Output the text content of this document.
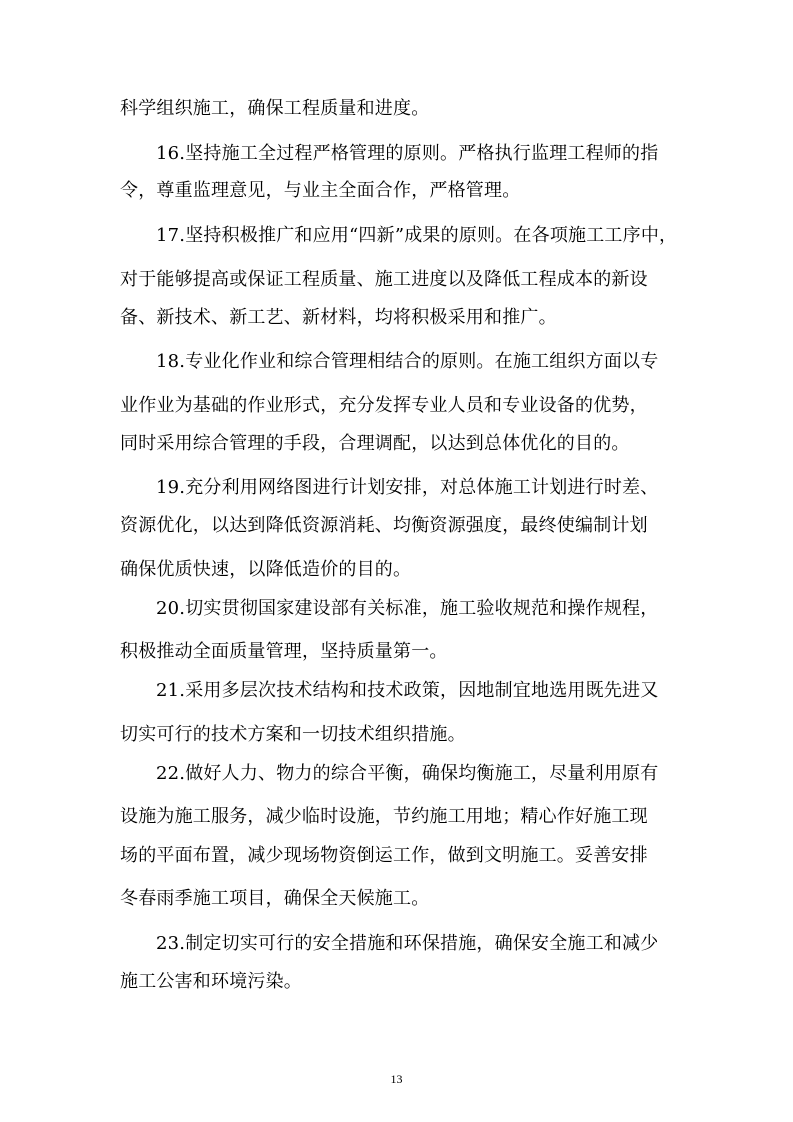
科学组织施工，确保工程质量和进度。
16.坚持施工全过程严格管理的原则。严格执行监理工程师的指
令，尊重监理意见，与业主全面合作，严格管理。
17.坚持积极推广和应用“四新”成果的原则。在各项施工工序中，
对于能够提高或保证工程质量、施工进度以及降低工程成本的新设
备、新技术、新工艺、新材料，均将积极采用和推广。
18.专业化作业和综合管理相结合的原则。在施工组织方面以专
业作业为基础的作业形式，充分发挥专业人员和专业设备的优势，
同时采用综合管理的手段，合理调配，以达到总体优化的目的。
19.充分利用网络图进行计划安排，对总体施工计划进行时差、
资源优化，以达到降低资源消耗、均衡资源强度，最终使编制计划
确保优质快速，以降低造价的目的。
20.切实贯彻国家建设部有关标准，施工验收规范和操作规程，
积极推动全面质量管理，坚持质量第一。
21.采用多层次技术结构和技术政策，因地制宜地选用既先进又
切实可行的技术方案和一切技术组织措施。
22.做好人力、物力的综合平衡，确保均衡施工，尽量利用原有
设施为施工服务，减少临时设施，节约施工用地；精心作好施工现
场的平面布置，减少现场物资倒运工作，做到文明施工。妥善安排
冬春雨季施工项目，确保全天候施工。
23.制定切实可行的安全措施和环保措施，确保安全施工和减少
施工公害和环境污染。
13
